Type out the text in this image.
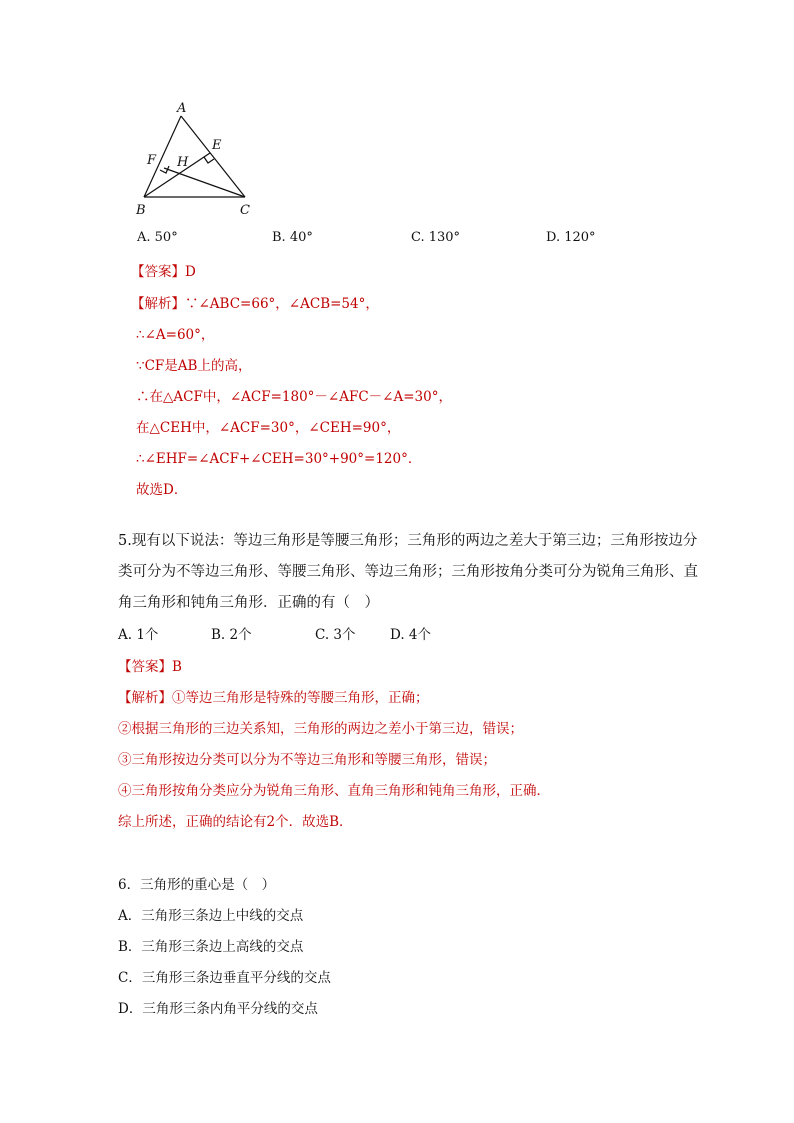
A
B	C
E
F H
A. 50°	B. 40°	C. 130°	D. 120°
【答案】D
【解析】∵∠ABC=66°，∠ACB=54°，
∴∠A=60°，
∵CF是AB上的高，
∴在△ACF中，∠ACF=180°－∠AFC－∠A=30°，
在△CEH中，∠ACF=30°，∠CEH=90°，
∴∠EHF=∠ACF+∠CEH=30°+90°=120°．
故选D．
5.现有以下说法：等边三角形是等腰三角形；三角形的两边之差大于第三边；三角形按边分
类可分为不等边三角形、等腰三角形、等边三角形；三角形按角分类可分为锐角三角形、直
角三角形和钝角三角形．正确的有（　）
A. 1个	B. 2个	C. 3个	D. 4个
【答案】B
【解析】①等边三角形是特殊的等腰三角形，正确；
②根据三角形的三边关系知，三角形的两边之差小于第三边，错误；
③三角形按边分类可以分为不等边三角形和等腰三角形，错误；
④三角形按角分类应分为锐角三角形、直角三角形和钝角三角形，正确．
综上所述，正确的结论有2个．故选B．
6．三角形的重心是（　）
A．三角形三条边上中线的交点
B．三角形三条边上高线的交点
C．三角形三条边垂直平分线的交点
D．三角形三条内角平分线的交点
